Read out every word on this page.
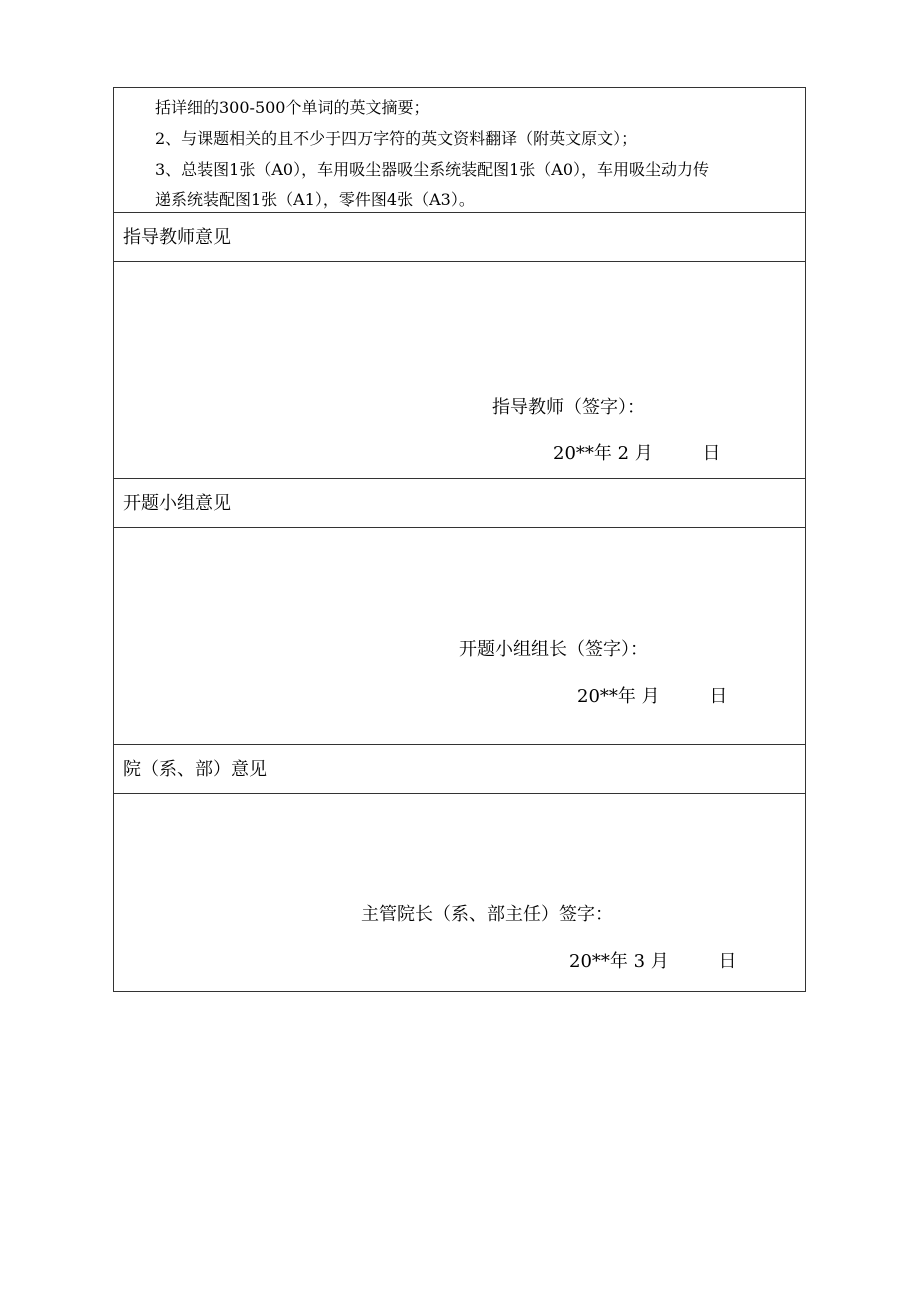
括详细的300-500个单词的英文摘要；
2、与课题相关的且不少于四万字符的英文资料翻译（附英文原文）；
3、总装图1张（A0），车用吸尘器吸尘系统装配图1张（A0），车用吸尘动力传
递系统装配图1张（A1），零件图4张（A3）。
指导教师意见
指导教师（签字）：
20**年 2 月	日
开题小组意见
开题小组组长（签字）：
20**年 月	日
院（系、部）意见
主管院长（系、部主任）签字：
20**年 3 月	日
